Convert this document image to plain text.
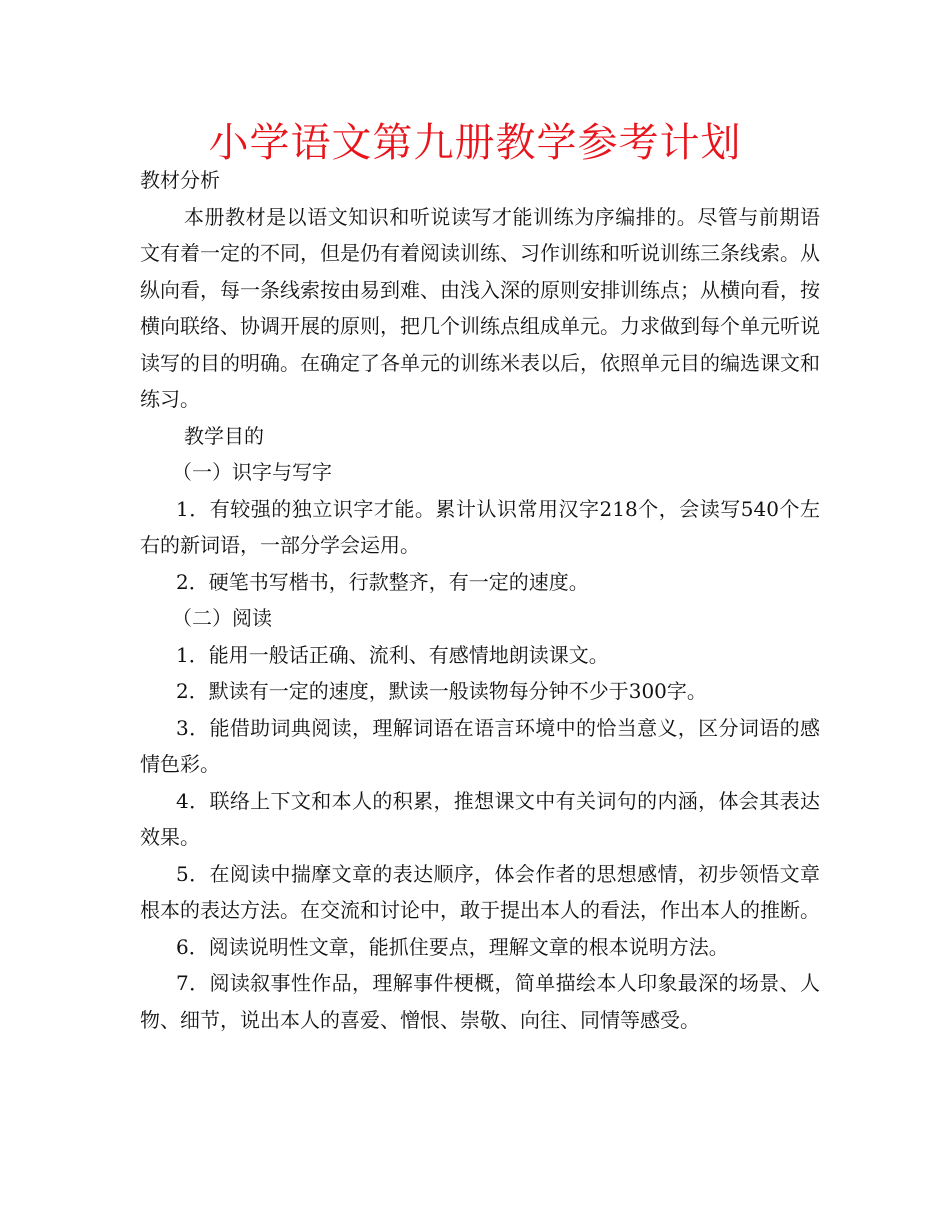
小学语文第九册教学参考计划

教材分析

本册教材是以语文知识和听说读写才能训练为序编排的。尽管与前期语文有着一定的不同，但是仍有着阅读训练、习作训练和听说训练三条线索。从纵向看，每一条线索按由易到难、由浅入深的原则安排训练点；从横向看，按横向联络、协调开展的原则，把几个训练点组成单元。力求做到每个单元听说读写的目的明确。在确定了各单元的训练米表以后，依照单元目的编选课文和练习。

教学目的

（一）识字与写字

1．有较强的独立识字才能。累计认识常用汉字218个，会读写540个左右的新词语，一部分学会运用。

2．硬笔书写楷书，行款整齐，有一定的速度。

（二）阅读

1．能用一般话正确、流利、有感情地朗读课文。

2．默读有一定的速度，默读一般读物每分钟不少于300字。

3．能借助词典阅读，理解词语在语言环境中的恰当意义，区分词语的感情色彩。

4．联络上下文和本人的积累，推想课文中有关词句的内涵，体会其表达效果。

5．在阅读中揣摩文章的表达顺序，体会作者的思想感情，初步领悟文章根本的表达方法。在交流和讨论中，敢于提出本人的看法，作出本人的推断。

6．阅读说明性文章，能抓住要点，理解文章的根本说明方法。

7．阅读叙事性作品，理解事件梗概，简单描绘本人印象最深的场景、人物、细节，说出本人的喜爱、憎恨、崇敬、向往、同情等感受。
